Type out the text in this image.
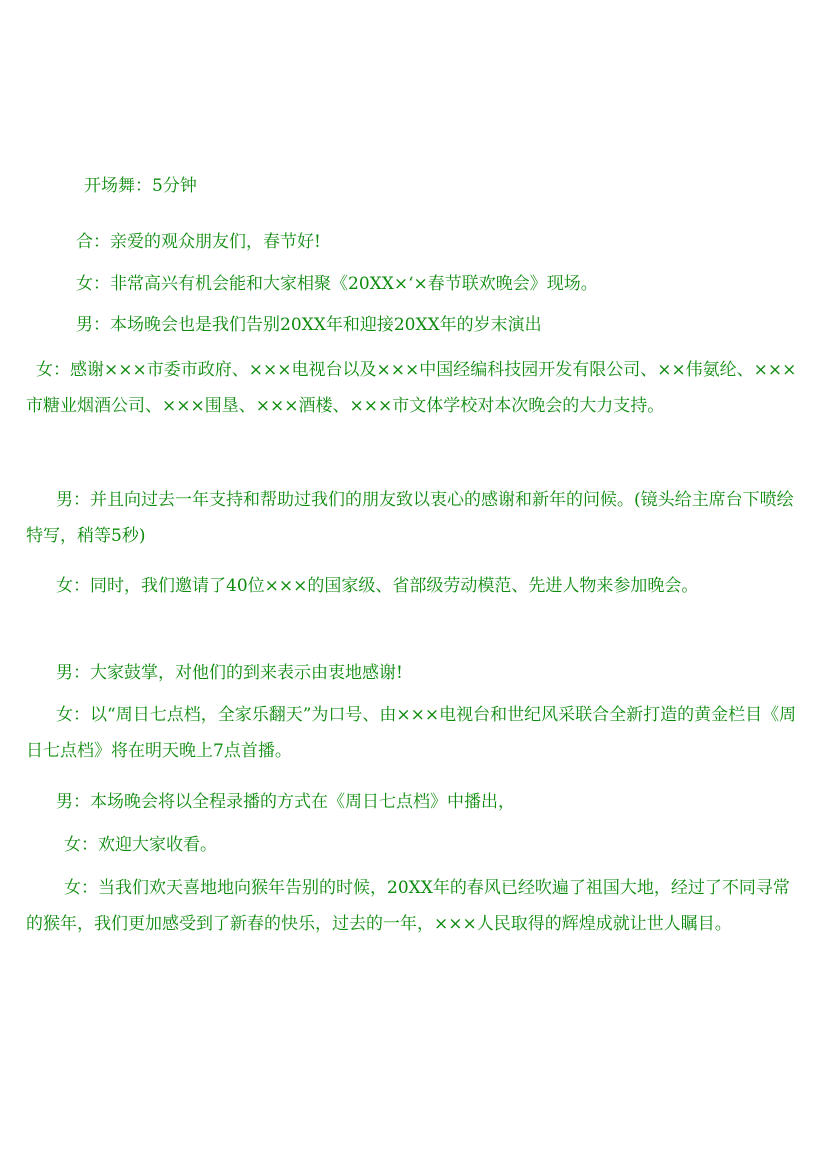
开场舞：5分钟

合：亲爱的观众朋友们，春节好!

女：非常高兴有机会能和大家相聚《20XX×‘×春节联欢晚会》现场。

男：本场晚会也是我们告别20XX年和迎接20XX年的岁末演出

女：感谢×××市委市政府、×××电视台以及×××中国经编科技园开发有限公司、××伟氨纶、×××市糖业烟酒公司、×××围垦、×××酒楼、×××市文体学校对本次晚会的大力支持。

男：并且向过去一年支持和帮助过我们的朋友致以衷心的感谢和新年的问候。(镜头给主席台下喷绘特写，稍等5秒)

女：同时，我们邀请了40位×××的国家级、省部级劳动模范、先进人物来参加晚会。

男：大家鼓掌，对他们的到来表示由衷地感谢!

女：以“周日七点档，全家乐翻天”为口号、由×××电视台和世纪风采联合全新打造的黄金栏目《周日七点档》将在明天晚上7点首播。

男：本场晚会将以全程录播的方式在《周日七点档》中播出，

女：欢迎大家收看。

女：当我们欢天喜地地向猴年告别的时候，20XX年的春风已经吹遍了祖国大地，经过了不同寻常的猴年，我们更加感受到了新春的快乐，过去的一年，×××人民取得的辉煌成就让世人瞩目。
